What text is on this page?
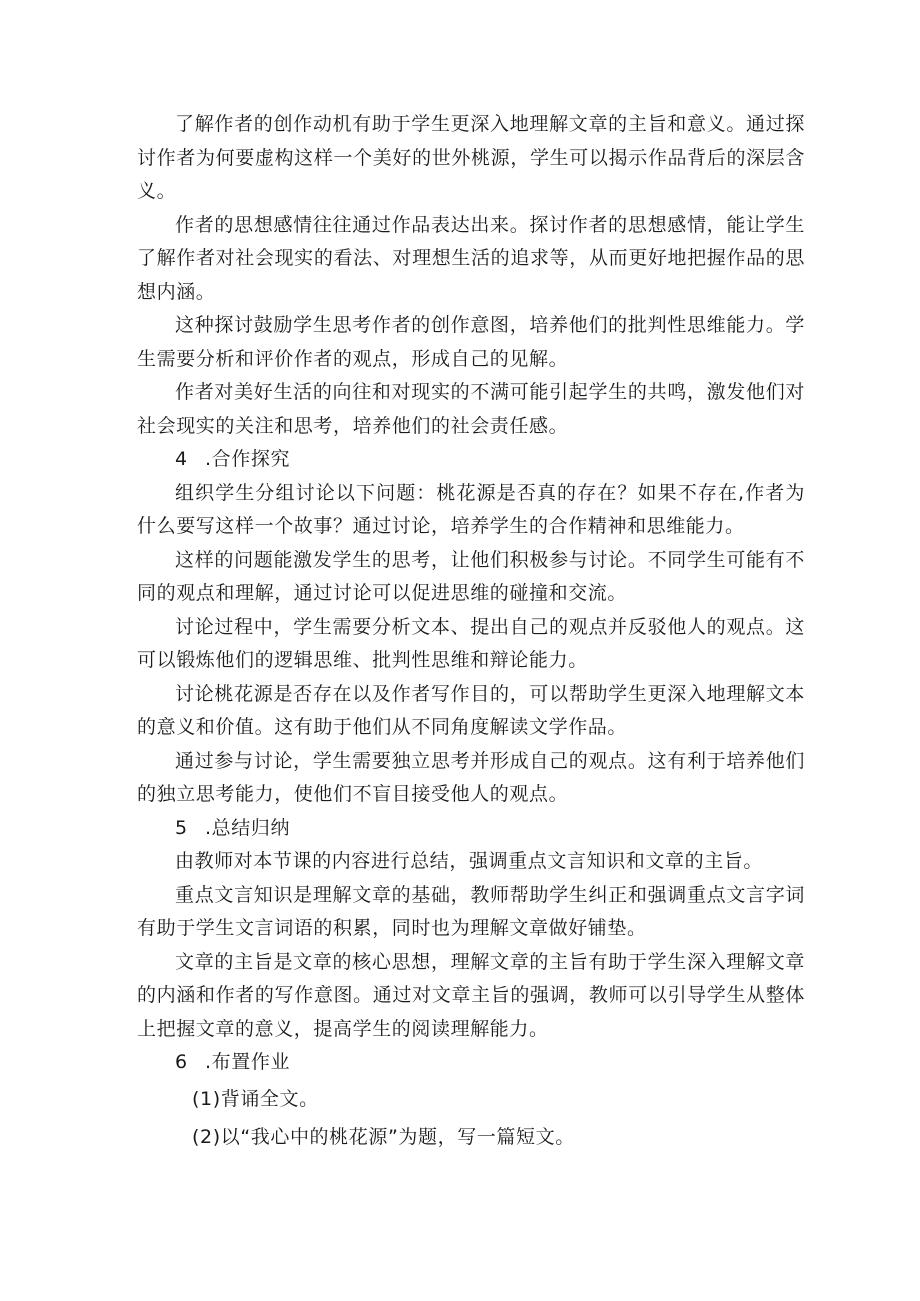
了解作者的创作动机有助于学生更深入地理解文章的主旨和意义。通过探讨作者为何要虚构这样一个美好的世外桃源，学生可以揭示作品背后的深层含义。

作者的思想感情往往通过作品表达出来。探讨作者的思想感情，能让学生了解作者对社会现实的看法、对理想生活的追求等，从而更好地把握作品的思想内涵。

这种探讨鼓励学生思考作者的创作意图，培养他们的批判性思维能力。学生需要分析和评价作者的观点，形成自己的见解。

作者对美好生活的向往和对现实的不满可能引起学生的共鸣，激发他们对社会现实的关注和思考，培养他们的社会责任感。

4 .合作探究

组织学生分组讨论以下问题：桃花源是否真的存在？如果不存在,作者为什么要写这样一个故事？通过讨论，培养学生的合作精神和思维能力。

这样的问题能激发学生的思考，让他们积极参与讨论。不同学生可能有不同的观点和理解，通过讨论可以促进思维的碰撞和交流。

讨论过程中，学生需要分析文本、提出自己的观点并反驳他人的观点。这可以锻炼他们的逻辑思维、批判性思维和辩论能力。

讨论桃花源是否存在以及作者写作目的，可以帮助学生更深入地理解文本的意义和价值。这有助于他们从不同角度解读文学作品。

通过参与讨论，学生需要独立思考并形成自己的观点。这有利于培养他们的独立思考能力，使他们不盲目接受他人的观点。

5 .总结归纳

由教师对本节课的内容进行总结，强调重点文言知识和文章的主旨。

重点文言知识是理解文章的基础，教师帮助学生纠正和强调重点文言字词有助于学生文言词语的积累，同时也为理解文章做好铺垫。

文章的主旨是文章的核心思想，理解文章的主旨有助于学生深入理解文章的内涵和作者的写作意图。通过对文章主旨的强调，教师可以引导学生从整体上把握文章的意义，提高学生的阅读理解能力。

6 .布置作业

(1)背诵全文。

(2)以“我心中的桃花源”为题，写一篇短文。
